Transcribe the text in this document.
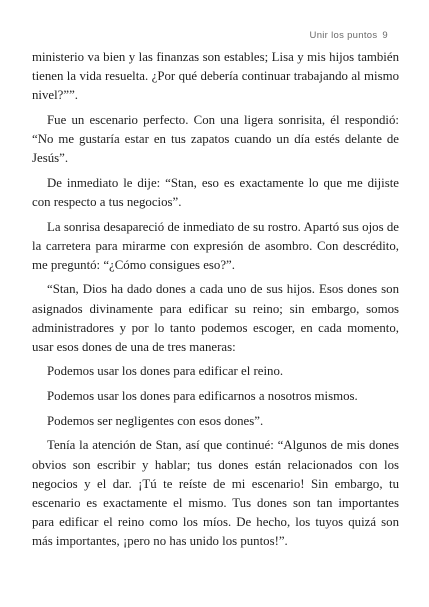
Unir los puntos 9

ministerio va bien y las finanzas son estables; Lisa y mis hijos también tienen la vida resuelta. ¿Por qué debería continuar trabajando al mismo nivel?””.

Fue un escenario perfecto. Con una ligera sonrisita, él respondió: “No me gustaría estar en tus zapatos cuando un día estés delante de Jesús”.

De inmediato le dije: “Stan, eso es exactamente lo que me dijiste con respecto a tus negocios”.

La sonrisa desapareció de inmediato de su rostro. Apartó sus ojos de la carretera para mirarme con expresión de asombro. Con descrédito, me preguntó: “¿Cómo consigues eso?”.

“Stan, Dios ha dado dones a cada uno de sus hijos. Esos dones son asignados divinamente para edificar su reino; sin embargo, somos administradores y por lo tanto podemos escoger, en cada momento, usar esos dones de una de tres maneras:

Podemos usar los dones para edificar el reino.

Podemos usar los dones para edificarnos a nosotros mismos.

Podemos ser negligentes con esos dones”.

Tenía la atención de Stan, así que continué: “Algunos de mis dones obvios son escribir y hablar; tus dones están relacionados con los negocios y el dar. ¡Tú te reíste de mi escenario! Sin embargo, tu escenario es exactamente el mismo. Tus dones son tan importantes para edificar el reino como los míos. De hecho, los tuyos quizá son más importantes, ¡pero no has unido los puntos!”.
